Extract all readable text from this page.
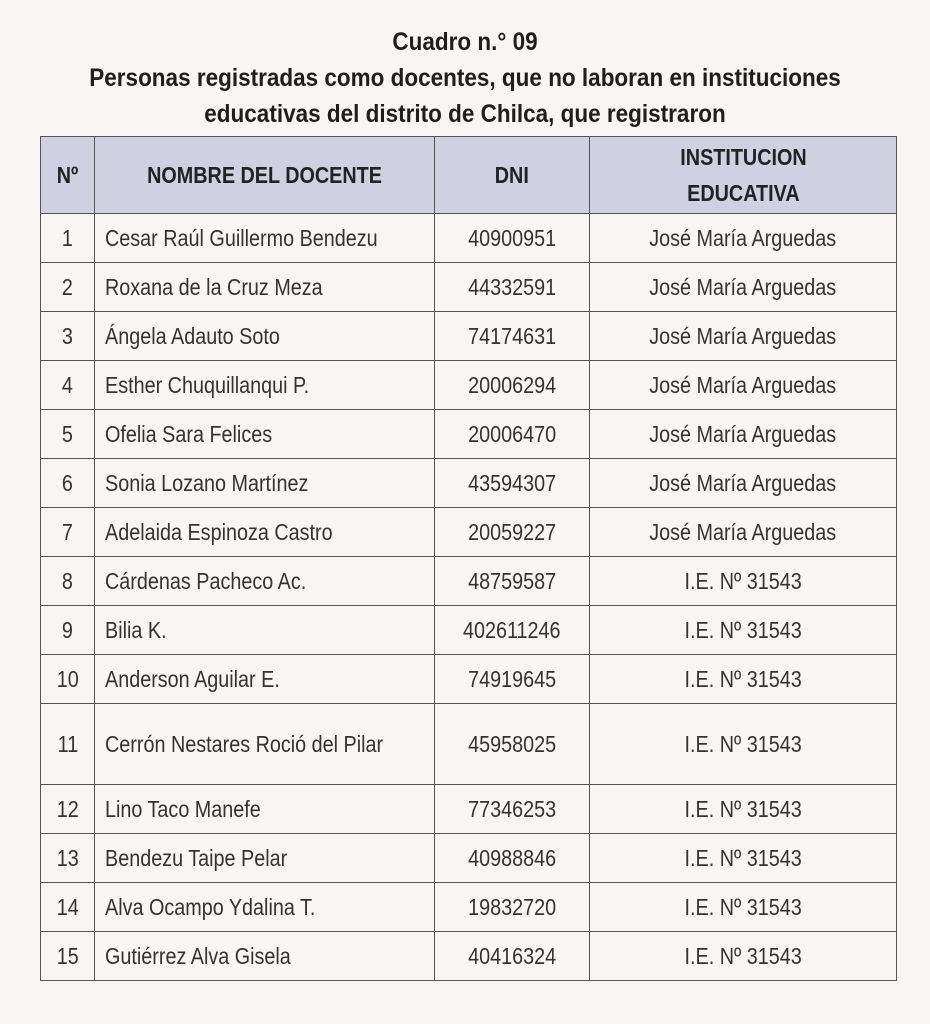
Cuadro n.° 09
Personas registradas como docentes, que no laboran en instituciones
educativas del distrito de Chilca, que registraron
Nº	NOMBRE DEL DOCENTE	DNI	INSTITUCION
EDUCATIVA
1	Cesar Raúl Guillermo Bendezu	40900951	José María Arguedas
2	Roxana de la Cruz Meza	44332591	José María Arguedas
3	Ángela Adauto Soto	74174631	José María Arguedas
4	Esther Chuquillanqui P.	20006294	José María Arguedas
5	Ofelia Sara Felices	20006470	José María Arguedas
6	Sonia Lozano Martínez	43594307	José María Arguedas
7	Adelaida Espinoza Castro	20059227	José María Arguedas
8	Cárdenas Pacheco Ac.	48759587	I.E. Nº 31543
9	Bilia K.	402611246	I.E. Nº 31543
10	Anderson Aguilar E.	74919645	I.E. Nº 31543
11	Cerrón Nestares Roció del Pilar	45958025	I.E. Nº 31543
12	Lino Taco Manefe	77346253	I.E. Nº 31543
13	Bendezu Taipe Pelar	40988846	I.E. Nº 31543
14	Alva Ocampo Ydalina T.	19832720	I.E. Nº 31543
15	Gutiérrez Alva Gisela	40416324	I.E. Nº 31543
